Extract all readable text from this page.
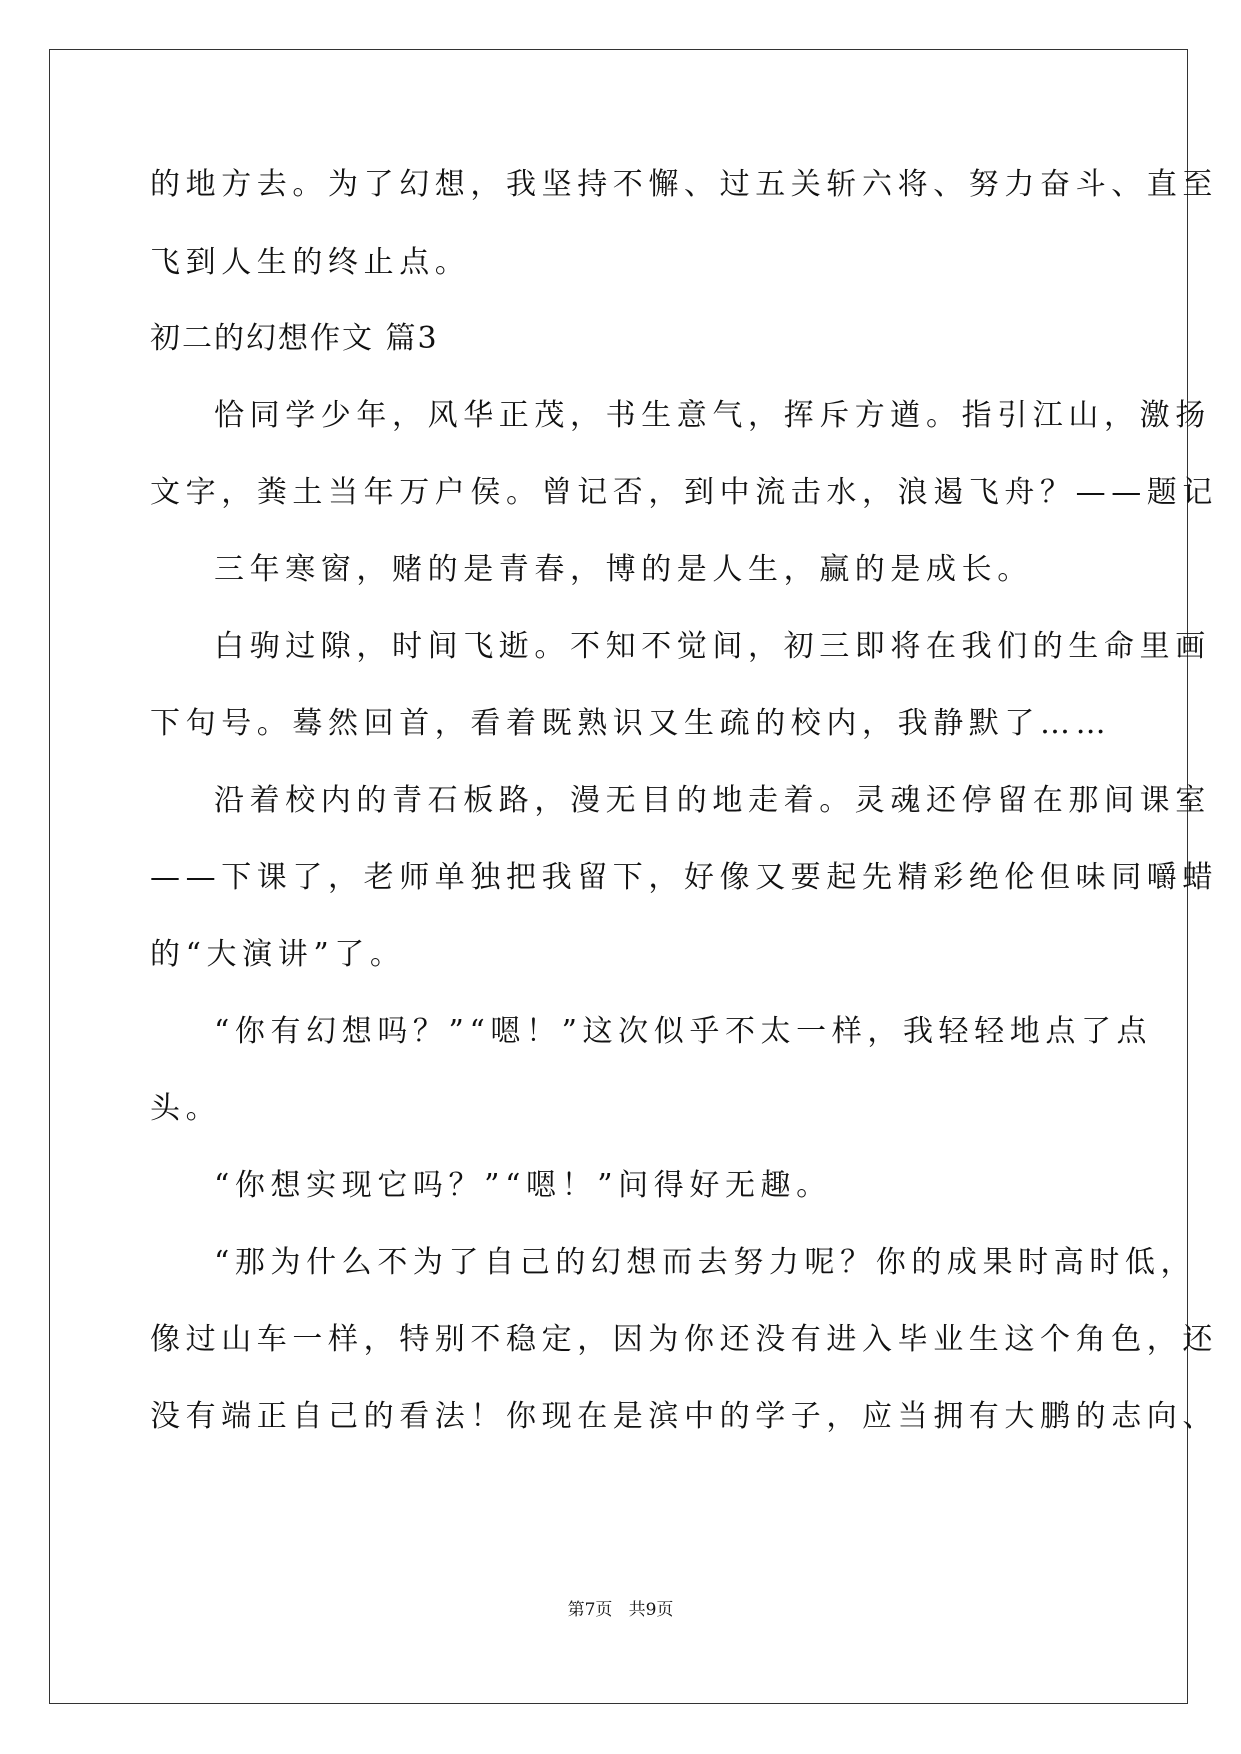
的地方去。为了幻想，我坚持不懈、过五关斩六将、努力奋斗、直至
飞到人生的终止点。
初二的幻想作文 篇3
恰同学少年，风华正茂，书生意气，挥斥方遒。指引江山，激扬
文字，粪土当年万户侯。曾记否，到中流击水，浪遏飞舟？——题记
三年寒窗，赌的是青春，博的是人生，赢的是成长。
白驹过隙，时间飞逝。不知不觉间，初三即将在我们的生命里画
下句号。蓦然回首，看着既熟识又生疏的校内，我静默了……
沿着校内的青石板路，漫无目的地走着。灵魂还停留在那间课室
——下课了，老师单独把我留下，好像又要起先精彩绝伦但味同嚼蜡
的“大演讲”了。
“你有幻想吗？”“嗯！”这次似乎不太一样，我轻轻地点了点
头。
“你想实现它吗？”“嗯！”问得好无趣。
“那为什么不为了自己的幻想而去努力呢？你的成果时高时低，
像过山车一样，特别不稳定，因为你还没有进入毕业生这个角色，还
没有端正自己的看法！你现在是滨中的学子，应当拥有大鹏的志向、
第7页   共9页
